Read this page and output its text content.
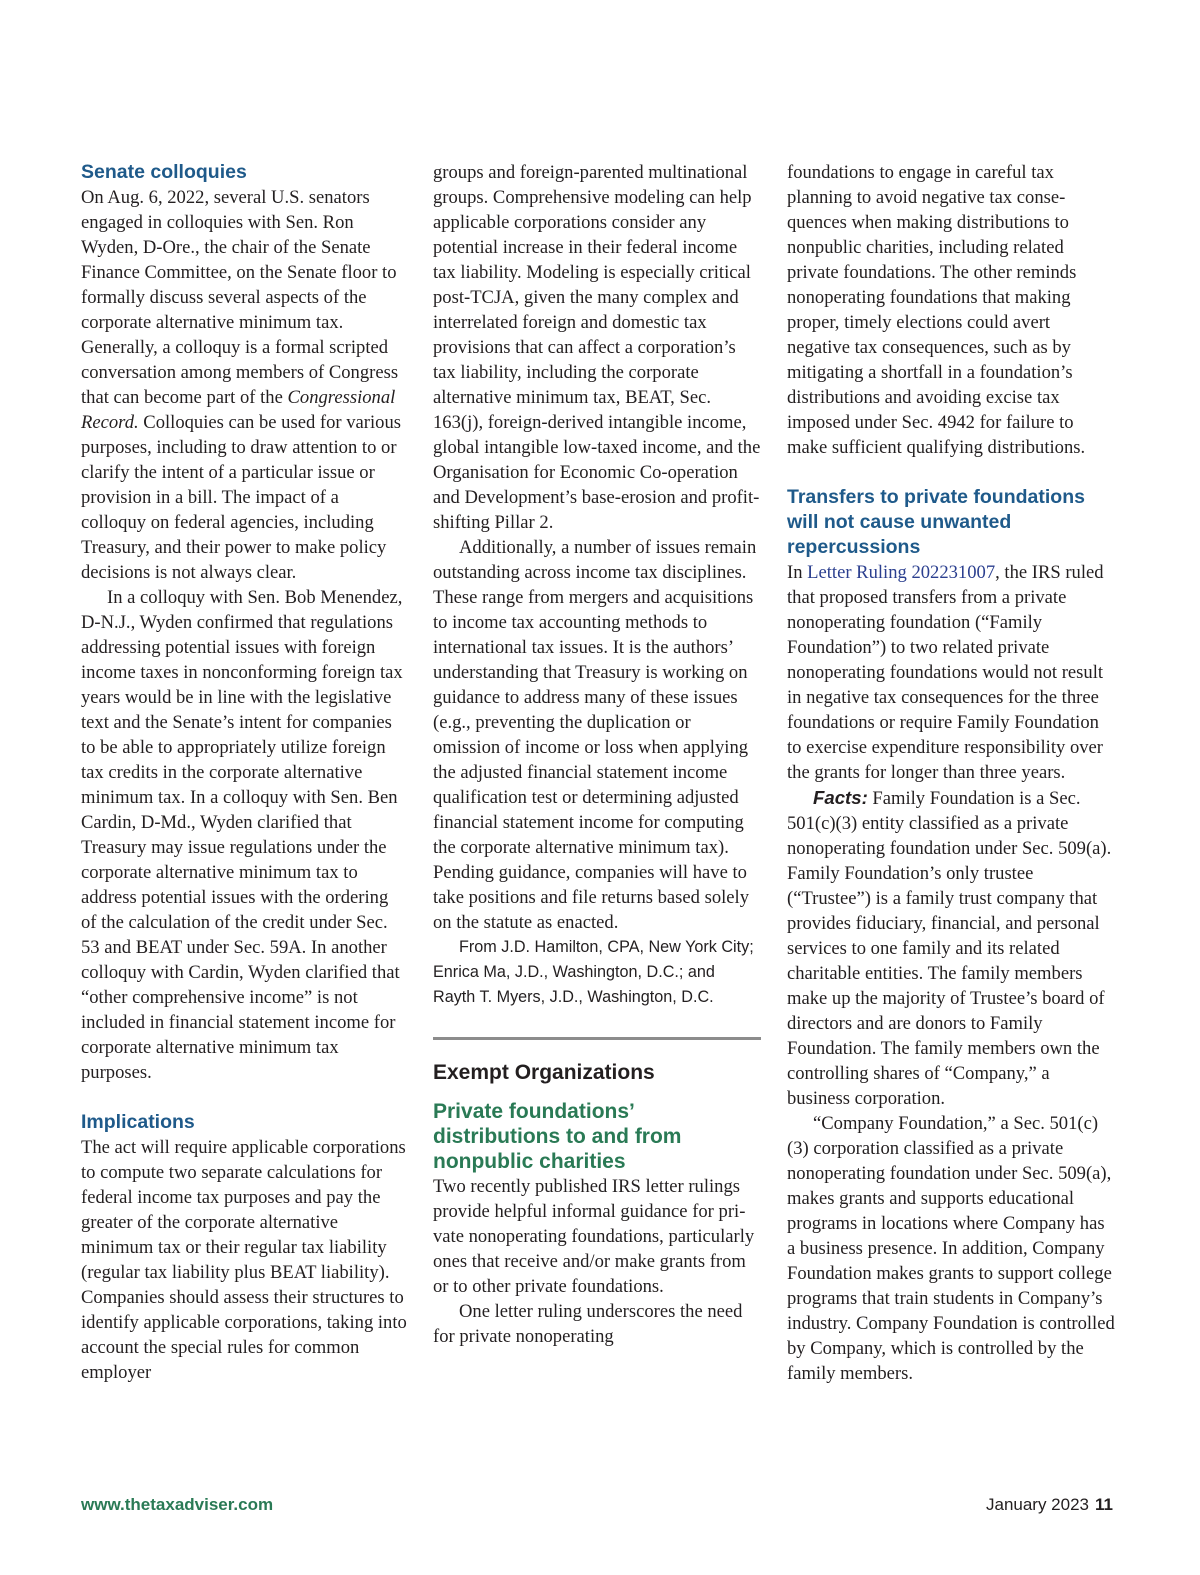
Senate colloquies

On Aug. 6, 2022, several U.S. senators engaged in colloquies with Sen. Ron Wyden, D-Ore., the chair of the Senate Finance Committee, on the Senate floor to formally discuss several aspects of the corporate alternative minimum tax. Generally, a colloquy is a formal scripted conversation among members of Congress that can become part of the Congressional Record. Colloquies can be used for various purposes, including to draw attention to or clarify the intent of a particular issue or provision in a bill. The impact of a colloquy on federal agencies, including Treasury, and their power to make policy decisions is not always clear.

In a colloquy with Sen. Bob Menendez, D-N.J., Wyden confirmed that regulations addressing potential issues with foreign income taxes in nonconforming foreign tax years would be in line with the legislative text and the Senate’s intent for companies to be able to appropriately utilize foreign tax credits in the corporate alternative minimum tax. In a colloquy with Sen. Ben Cardin, D-Md., Wyden clarified that Treasury may issue regulations under the corporate alternative minimum tax to address potential issues with the ordering of the calculation of the credit under Sec. 53 and BEAT under Sec. 59A. In another colloquy with Cardin, Wyden clarified that “other comprehensive income” is not included in financial statement income for corporate alternative minimum tax purposes.

Implications

The act will require applicable corporations to compute two separate calculations for federal income tax purposes and pay the greater of the corporate alternative minimum tax or their regular tax liability (regular tax liability plus BEAT liability). Companies should assess their structures to identify applicable corporations, taking into account the special rules for common employer

groups and foreign-parented multinational groups. Comprehensive modeling can help applicable corporations consider any potential increase in their federal income tax liability. Modeling is especially critical post-TCJA, given the many complex and interrelated foreign and domestic tax provisions that can affect a corporation’s tax liability, including the corporate alternative minimum tax, BEAT, Sec. 163(j), foreign-derived intangible income, global intangible low-taxed income, and the Organisation for Economic Co-operation and Development’s base-erosion and profit-shifting Pillar 2.

Additionally, a number of issues remain outstanding across income tax disciplines. These range from mergers and acquisitions to income tax accounting methods to international tax issues. It is the authors’ understanding that Treasury is working on guidance to address many of these issues (e.g., preventing the duplication or omission of income or loss when applying the adjusted financial statement income qualification test or determining adjusted financial statement income for computing the corporate alternative minimum tax). Pending guidance, companies will have to take positions and file returns based solely on the statute as enacted.

From J.D. Hamilton, CPA, New York City; Enrica Ma, J.D., Washington, D.C.; and Rayth T. Myers, J.D., Washington, D.C.

Exempt Organizations
Private foundations’ distributions to and from nonpublic charities

Two recently published IRS letter rulings provide helpful informal guidance for private nonoperating foundations, particularly ones that receive and/or make grants from or to other private foundations.

One letter ruling underscores the need for private nonoperating

foundations to engage in careful tax planning to avoid negative tax consequences when making distributions to nonpublic charities, including related private foundations. The other reminds nonoperating foundations that making proper, timely elections could avert negative tax consequences, such as by mitigating a shortfall in a foundation’s distributions and avoiding excise tax imposed under Sec. 4942 for failure to make sufficient qualifying distributions.

Transfers to private foundations will not cause unwanted repercussions

In Letter Ruling 202231007, the IRS ruled that proposed transfers from a private nonoperating foundation (“Family Foundation”) to two related private nonoperating foundations would not result in negative tax consequences for the three foundations or require Family Foundation to exercise expenditure responsibility over the grants for longer than three years.

Facts: Family Foundation is a Sec. 501(c)(3) entity classified as a private nonoperating foundation under Sec. 509(a). Family Foundation’s only trustee (“Trustee”) is a family trust company that provides fiduciary, financial, and personal services to one family and its related charitable entities. The family members make up the majority of Trustee’s board of directors and are donors to Family Foundation. The family members own the controlling shares of “Company,” a business corporation.

“Company Foundation,” a Sec. 501(c)(3) corporation classified as a private nonoperating foundation under Sec. 509(a), makes grants and supports educational programs in locations where Company has a business presence. In addition, Company Foundation makes grants to support college programs that train students in Company’s industry. Company Foundation is controlled by Company, which is controlled by the family members.

www.thetaxadviser.com	January 2023 11
